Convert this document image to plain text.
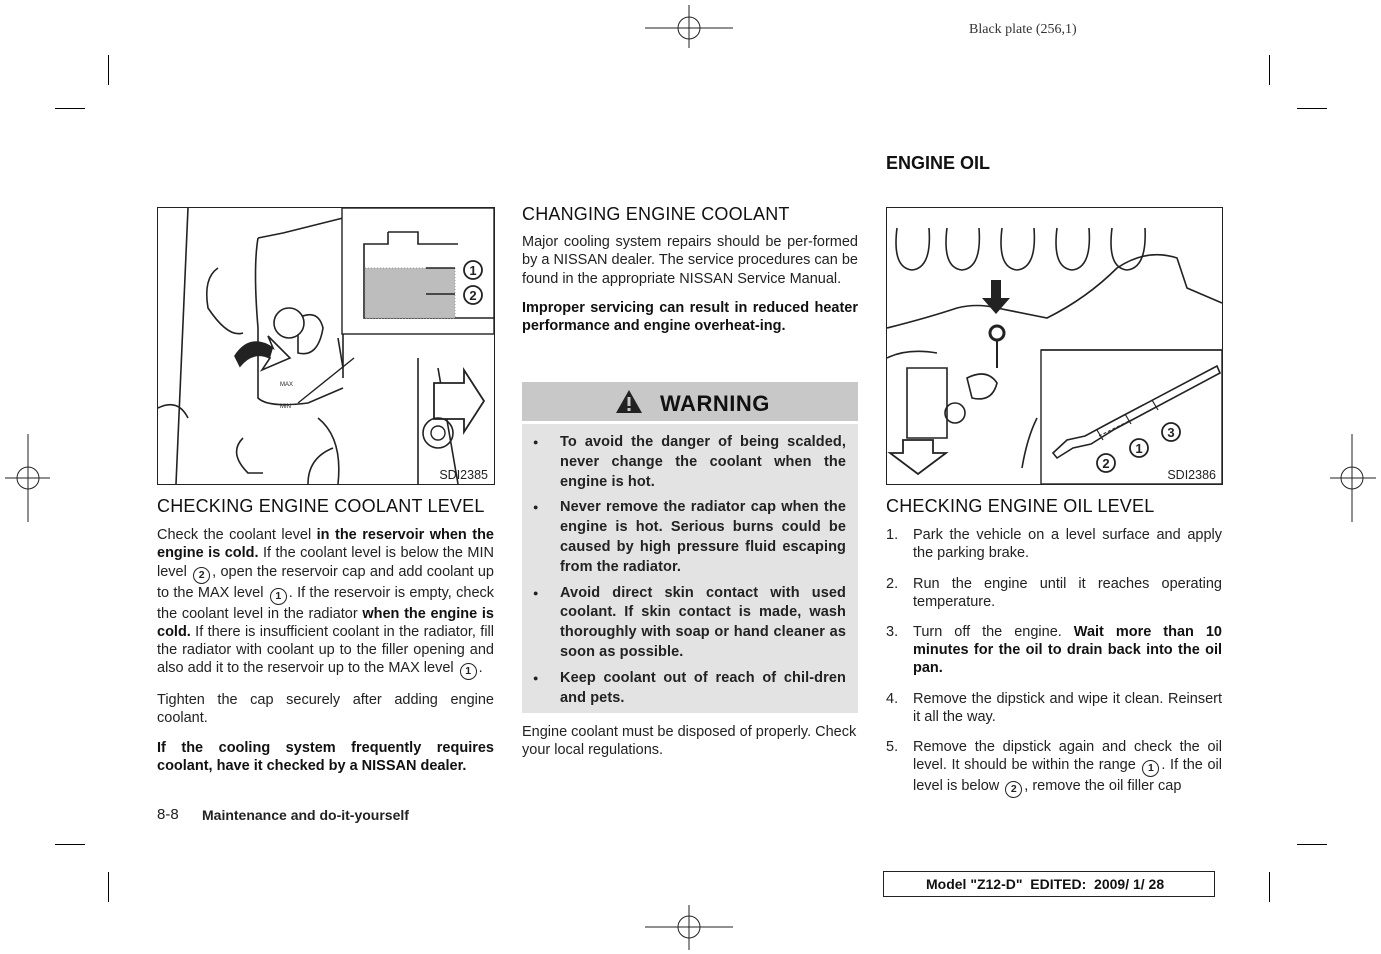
Black plate (256,1)
MAX
MIN
1
2
SDI2385
CHECKING ENGINE COOLANT LEVEL

Check the coolant level in the reservoir when the engine is cold. If the coolant level is below the MIN level 2 , open the reservoir cap and add coolant up to the MAX level 1 . If the reservoir is empty, check the coolant level in the radiator when the engine is cold. If there is insufficient coolant in the radiator, fill the radiator with coolant up to the filler opening and also add it to the reservoir up to the MAX level 1 .

Tighten the cap securely after adding engine coolant.

If the cooling system frequently requires coolant, have it checked by a NISSAN dealer.

CHANGING ENGINE COOLANT

Major cooling system repairs should be per-formed by a NISSAN dealer. The service procedures can be found in the appropriate NISSAN Service Manual.

Improper servicing can result in reduced heater performance and engine overheat-ing.

WARNING
● To avoid the danger of being scalded, never change the coolant when the engine is hot.
● Never remove the radiator cap when the engine is hot. Serious burns could be caused by high pressure fluid escaping from the radiator.
● Avoid direct skin contact with used coolant. If skin contact is made, wash thoroughly with soap or hand cleaner as soon as possible.
● Keep coolant out of reach of chil-dren and pets.

Engine coolant must be disposed of properly. Check your local regulations.

ENGINE OIL
2
1
3
SDI2386
CHECKING ENGINE OIL LEVEL
1. Park the vehicle on a level surface and apply the parking brake.
2. Run the engine until it reaches operating temperature.
3. Turn off the engine. Wait more than 10 minutes for the oil to drain back into the oil pan.
4. Remove the dipstick and wipe it clean. Reinsert it all the way.
5. Remove the dipstick again and check the oil level. It should be within the range 1 . If the oil level is below 2 , remove the oil filler cap
8-8 Maintenance and do-it-yourself
Model "Z12-D"  EDITED:  2009/ 1/ 28
